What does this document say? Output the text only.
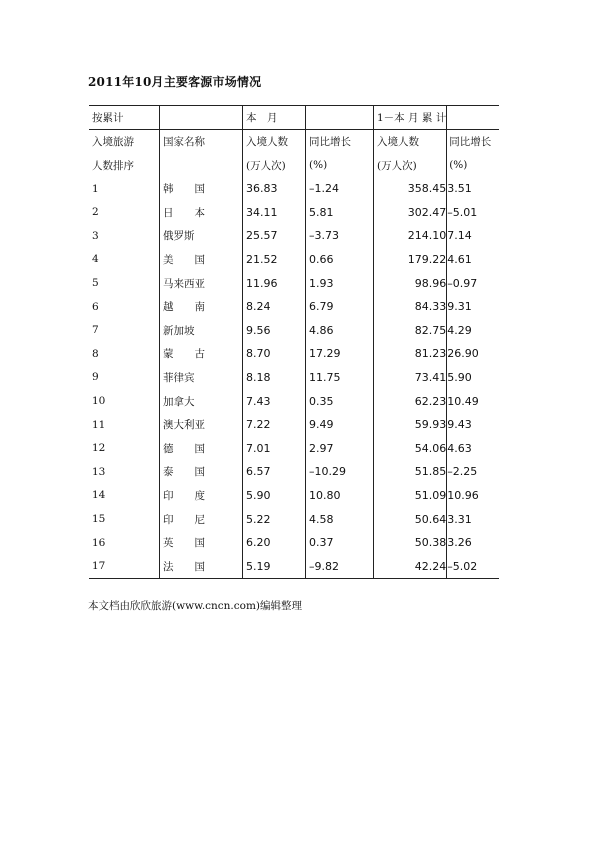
2011年10月主要客源市场情况
按累计		本　月		1－本 月 累 计	
入境旅游	国家名称	入境人数	同比增长	入境人数	同比增长
人数排序		(万人次)	(%)	(万人次)	(%)
1	韩　　国	36.83	–1.24	358.45	3.51
2	日　　本	34.11	5.81	302.47	–5.01
3	俄罗斯	25.57	–3.73	214.10	7.14
4	美　　国	21.52	0.66	179.22	4.61
5	马来西亚	11.96	1.93	98.96	–0.97
6	越　　南	8.24	6.79	84.33	9.31
7	新加坡	9.56	4.86	82.75	4.29
8	蒙　　古	8.70	17.29	81.23	26.90
9	菲律宾	8.18	11.75	73.41	5.90
10	加拿大	7.43	0.35	62.23	10.49
11	澳大利亚	7.22	9.49	59.93	9.43
12	德　　国	7.01	2.97	54.06	4.63
13	泰　　国	6.57	–10.29	51.85	–2.25
14	印　　度	5.90	10.80	51.09	10.96
15	印　　尼	5.22	4.58	50.64	3.31
16	英　　国	6.20	0.37	50.38	3.26
17	法　　国	5.19	–9.82	42.24	–5.02
本文档由欣欣旅游(www.cncn.com)编辑整理
